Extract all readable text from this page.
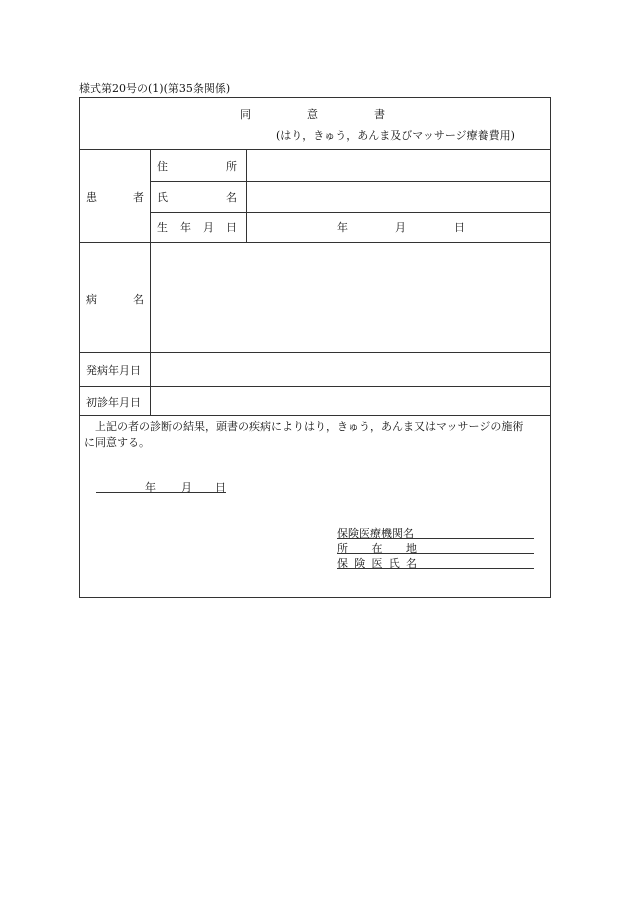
様式第20号の(1)(第35条関係)
同	意	書
(はり，きゅう，あんま及びマッサージ療養費用)
患	者
住	所
氏	名
生 年 月 日	年	月	日
病	名
発病年月日
初診年月日
上記の者の診断の結果，頭書の疾病によりはり，きゅう，あんま又はマッサージの施術
に同意する。
年 月 日
保険医療機関名
所 在 地
保 険 医 氏 名
